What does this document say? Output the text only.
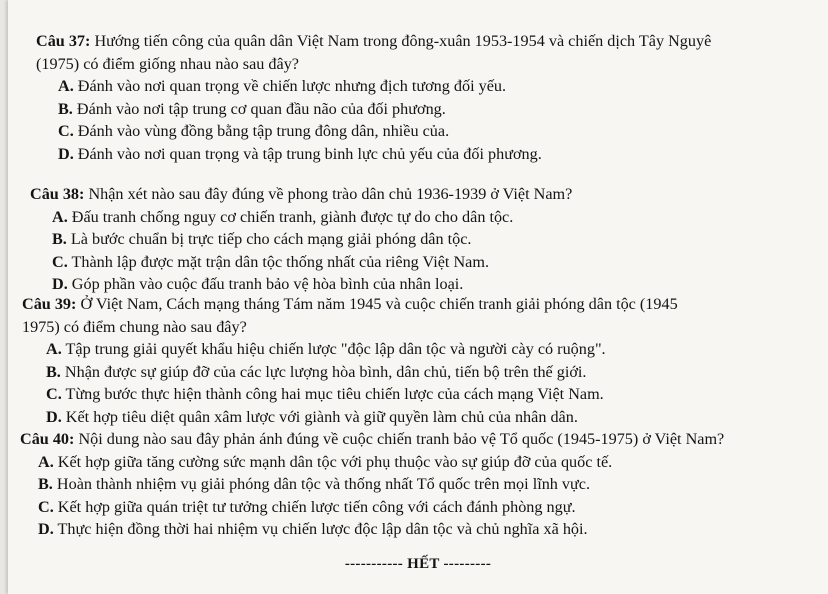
Câu 37: Hướng tiến công của quân dân Việt Nam trong đông-xuân 1953-1954 và chiến dịch Tây Nguyê
(1975) có điểm giống nhau nào sau đây?
A. Đánh vào nơi quan trọng về chiến lược nhưng địch tương đối yếu.
B. Đánh vào nơi tập trung cơ quan đầu não của đối phương.
C. Đánh vào vùng đồng bằng tập trung đông dân, nhiều của.
D. Đánh vào nơi quan trọng và tập trung binh lực chủ yếu của đối phương.
Câu 38: Nhận xét nào sau đây đúng về phong trào dân chủ 1936-1939 ở Việt Nam?
A. Đấu tranh chống nguy cơ chiến tranh, giành được tự do cho dân tộc.
B. Là bước chuẩn bị trực tiếp cho cách mạng giải phóng dân tộc.
C. Thành lập được mặt trận dân tộc thống nhất của riêng Việt Nam.
D. Góp phần vào cuộc đấu tranh bảo vệ hòa bình của nhân loại.
Câu 39: Ở Việt Nam, Cách mạng tháng Tám năm 1945 và cuộc chiến tranh giải phóng dân tộc (1945
1975) có điểm chung nào sau đây?
A. Tập trung giải quyết khẩu hiệu chiến lược "độc lập dân tộc và người cày có ruộng".
B. Nhận được sự giúp đỡ của các lực lượng hòa bình, dân chủ, tiến bộ trên thế giới.
C. Từng bước thực hiện thành công hai mục tiêu chiến lược của cách mạng Việt Nam.
D. Kết hợp tiêu diệt quân xâm lược với giành và giữ quyền làm chủ của nhân dân.
Câu 40: Nội dung nào sau đây phản ánh đúng về cuộc chiến tranh bảo vệ Tổ quốc (1945-1975) ở Việt Nam?
A. Kết hợp giữa tăng cường sức mạnh dân tộc với phụ thuộc vào sự giúp đỡ của quốc tế.
B. Hoàn thành nhiệm vụ giải phóng dân tộc và thống nhất Tổ quốc trên mọi lĩnh vực.
C. Kết hợp giữa quán triệt tư tưởng chiến lược tiến công với cách đánh phòng ngự.
D. Thực hiện đồng thời hai nhiệm vụ chiến lược độc lập dân tộc và chủ nghĩa xã hội.
----------- HẾT ---------
